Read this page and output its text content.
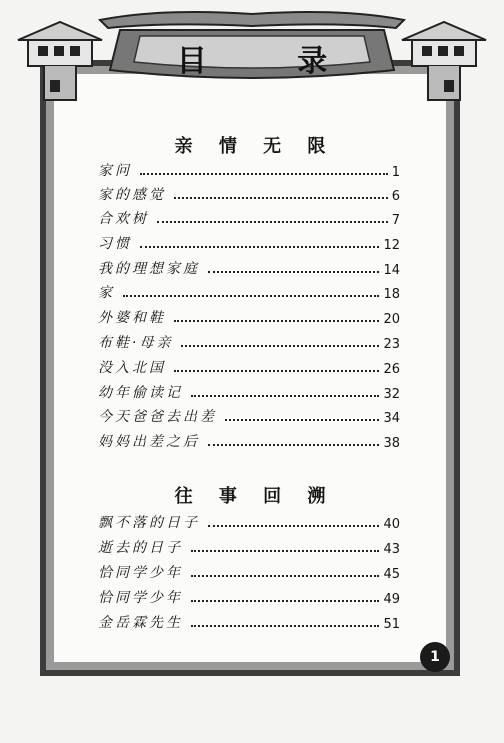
目 录
亲 情 无 限
家问	1
家的感觉	6
合欢树	7
习惯	12
我的理想家庭	14
家	18
外婆和鞋	20
布鞋·母亲	23
没入北国	26
幼年偷读记	32
今天爸爸去出差	34
妈妈出差之后	38
往 事 回 溯
飘不落的日子	40
逝去的日子	43
恰同学少年	45
恰同学少年	49
金岳霖先生	51
1
